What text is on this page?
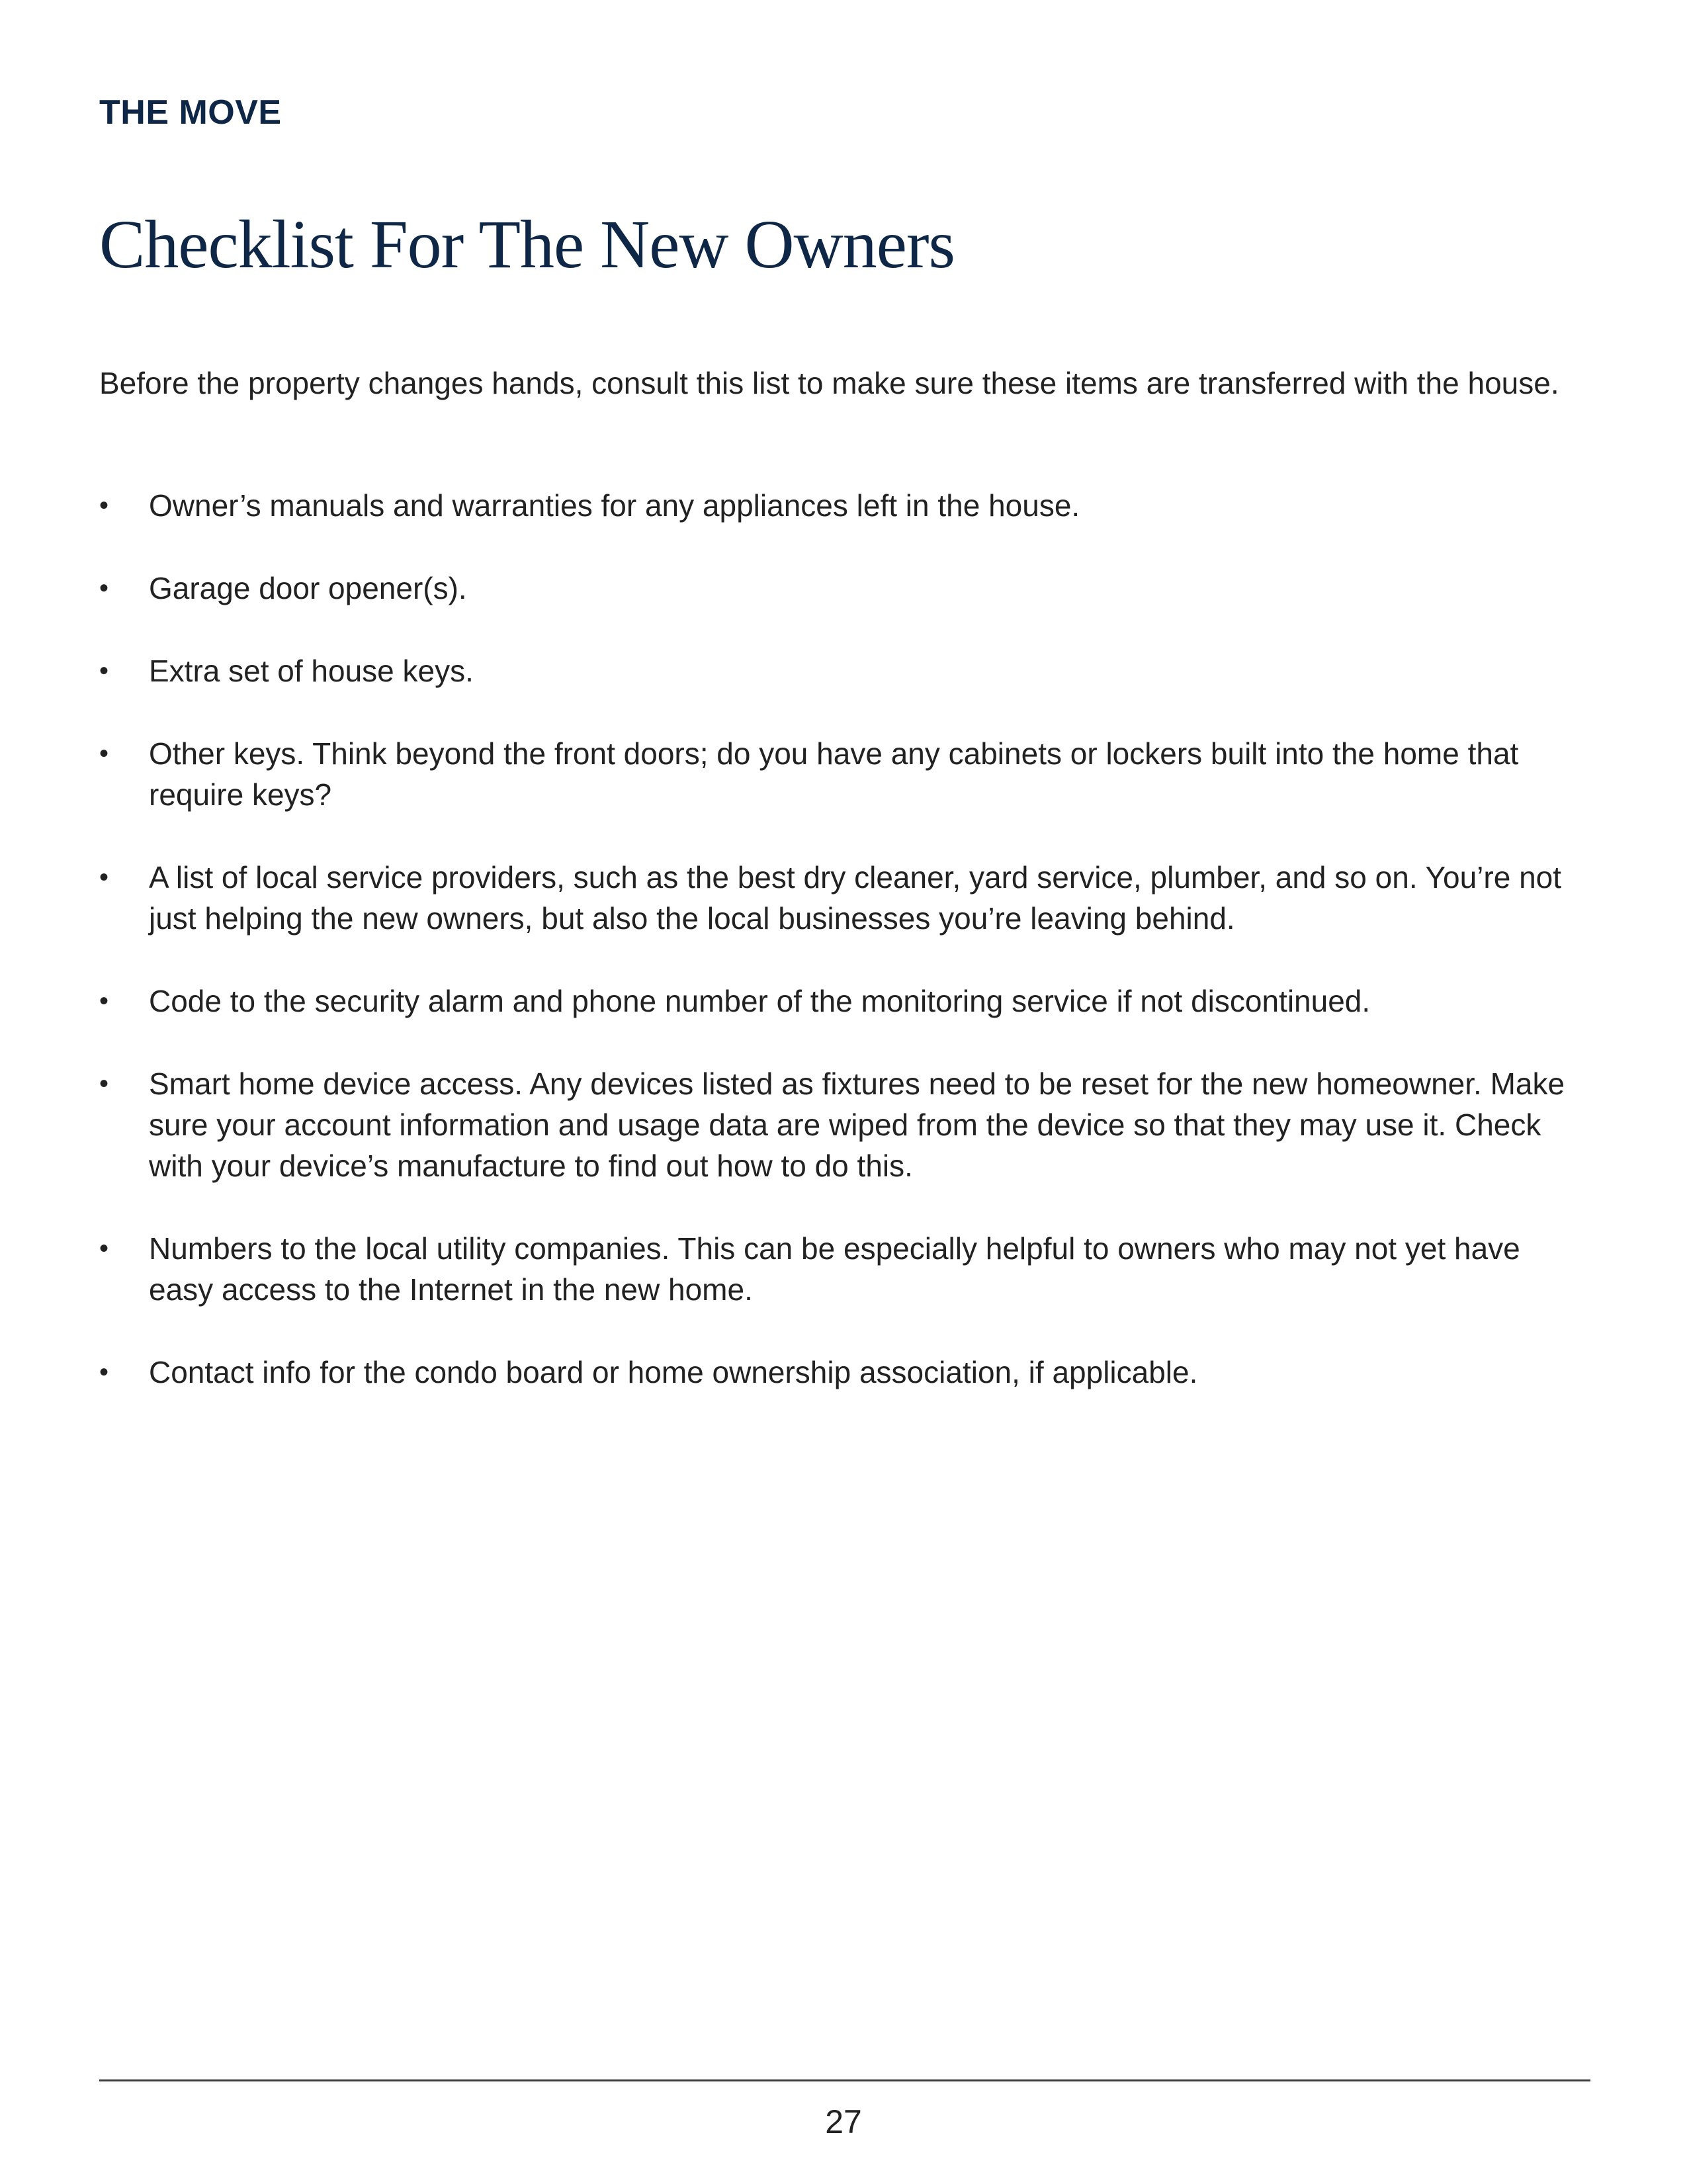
THE MOVE
Checklist For The New Owners

Before the property changes hands, consult this list to make sure these items are transferred with the house.

•	Owner’s manuals and warranties for any appliances left in the house.
•	Garage door opener(s).
•	Extra set of house keys.
•	Other keys. Think beyond the front doors; do you have any cabinets or lockers built into the home that require keys?
•	A list of local service providers, such as the best dry cleaner, yard service, plumber, and so on. You’re not just helping the new owners, but also the local businesses you’re leaving behind.
•	Code to the security alarm and phone number of the monitoring service if not discontinued.
•	Smart home device access. Any devices listed as fixtures need to be reset for the new homeowner. Make sure your account information and usage data are wiped from the device so that they may use it. Check with your device’s manufacture to find out how to do this.
•	Numbers to the local utility companies. This can be especially helpful to owners who may not yet have easy access to the Internet in the new home.
•	Contact info for the condo board or home ownership association, if applicable.
27
